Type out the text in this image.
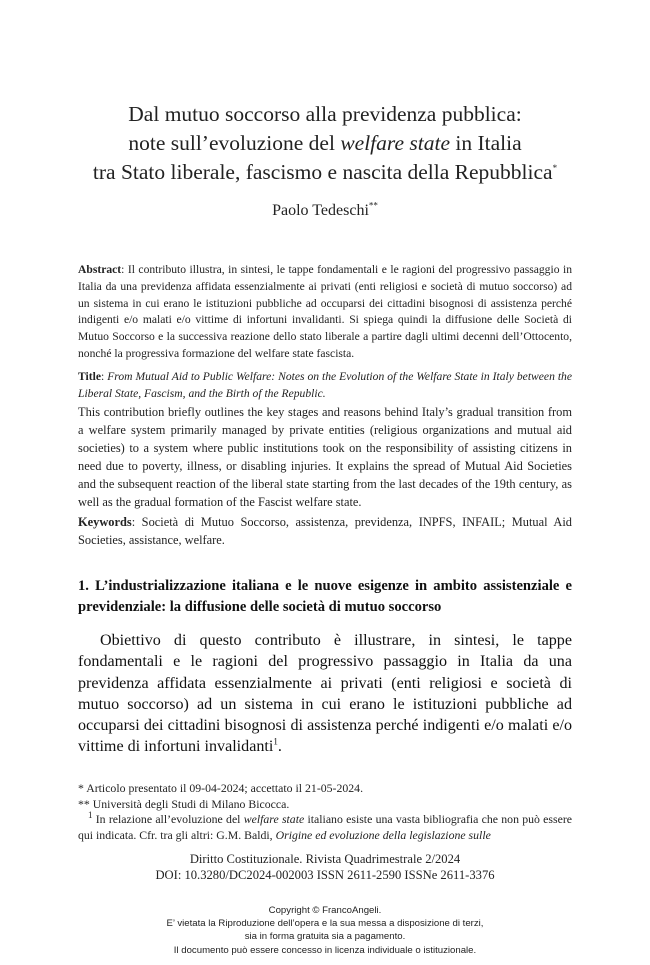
Dal mutuo soccorso alla previdenza pubblica:
note sull’evoluzione del welfare state in Italia
tra Stato liberale, fascismo e nascita della Repubblica*
Paolo Tedeschi**
Abstract: Il contributo illustra, in sintesi, le tappe fondamentali e le ragioni del progressivo passaggio in Italia da una previdenza affidata essenzialmente ai privati (enti religiosi e società di mutuo soccorso) ad un sistema in cui erano le istituzioni pubbliche ad occuparsi dei cittadini bisognosi di assistenza perché indigenti e/o malati e/o vittime di infortuni invalidanti. Si spiega quindi la diffusione delle Società di Mutuo Soccorso e la successiva reazione dello stato liberale a partire dagli ultimi decenni dell’Ottocento, nonché la progressiva formazione del welfare state fascista.
Title: From Mutual Aid to Public Welfare: Notes on the Evolution of the Welfare State in Italy between the Liberal State, Fascism, and the Birth of the Republic.
This contribution briefly outlines the key stages and reasons behind Italy’s gradual transition from a welfare system primarily managed by private entities (religious organizations and mutual aid societies) to a system where public institutions took on the responsibility of assisting citizens in need due to poverty, illness, or disabling injuries. It explains the spread of Mutual Aid Societies and the subsequent reaction of the liberal state starting from the last decades of the 19th century, as well as the gradual formation of the Fascist welfare state.
Keywords: Società di Mutuo Soccorso, assistenza, previdenza, INPFS, INFAIL; Mutual Aid Societies, assistance, welfare.
1. L’industrializzazione italiana e le nuove esigenze in ambito assistenziale e previdenziale: la diffusione delle società di mutuo soccorso
Obiettivo di questo contributo è illustrare, in sintesi, le tappe fondamentali e le ragioni del progressivo passaggio in Italia da una previdenza affidata essenzialmente ai privati (enti religiosi e società di mutuo soccorso) ad un sistema in cui erano le istituzioni pubbliche ad occuparsi dei cittadini bisognosi di assistenza perché indigenti e/o malati e/o vittime di infortuni invalidanti$^1$.
* Articolo presentato il 09-04-2024; accettato il 21-05-2024.
** Università degli Studi di Milano Bicocca.
$^1$ In relazione all’evoluzione del welfare state italiano esiste una vasta bibliografia che non può essere qui indicata. Cfr. tra gli altri: G.M. Baldi, Origine ed evoluzione della legislazione sulle
Diritto Costituzionale. Rivista Quadrimestrale 2/2024
DOI: 10.3280/DC2024-002003 ISSN 2611-2590 ISSNe 2611-3376
Copyright © FrancoAngeli.
E’ vietata la Riproduzione dell’opera e la sua messa a disposizione di terzi,
sia in forma gratuita sia a pagamento.
Il documento può essere concesso in licenza individuale o istituzionale.
